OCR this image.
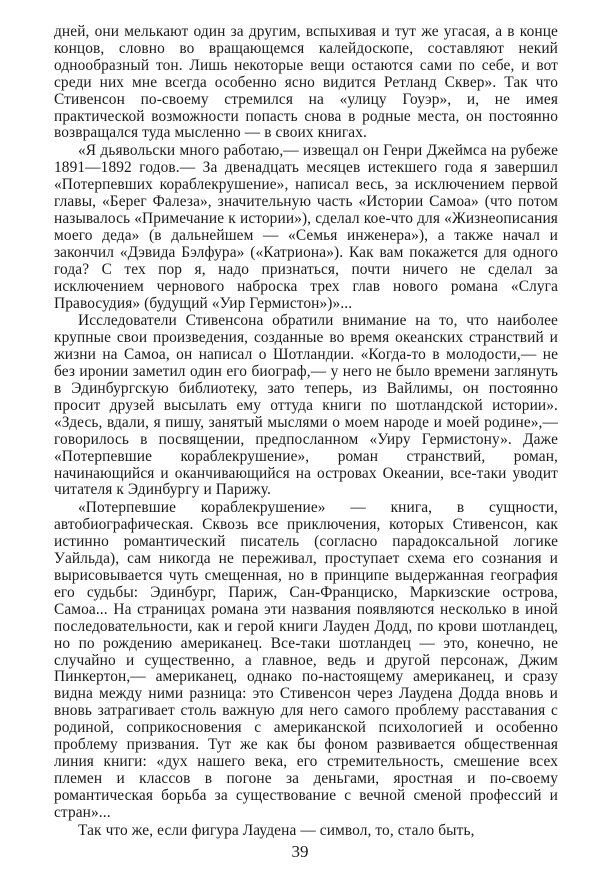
дней, они мелькают один за другим, вспыхивая и тут же угасая, а в конце концов, словно во вращающемся калейдоскопе, составляют некий однообразный тон. Лишь некоторые вещи остаются сами по себе, и вот среди них мне всегда особенно ясно видится Ретланд Сквер». Так что Стивенсон по-своему стремился на «улицу Гоуэр», и, не имея практической возможности попасть снова в родные места, он постоянно возвращался туда мысленно — в своих книгах.

«Я дьявольски много работаю,— извещал он Генри Джеймса на рубеже 1891—1892 годов.— За двенадцать месяцев истекшего года я завершил «Потерпевших кораблекрушение», написал весь, за исключением первой главы, «Берег Фалеза», значительную часть «Истории Самоа» (что потом называлось «Примечание к истории»), сделал кое-что для «Жизнеописания моего деда» (в дальнейшем — «Семья инженера»), а также начал и закончил «Дэвида Бэлфура» («Катриона»). Как вам покажется для одного года? С тех пор я, надо признаться, почти ничего не сделал за исключением чернового наброска трех глав нового романа «Слуга Правосудия» (будущий «Уир Гермистон»)»...

Исследователи Стивенсона обратили внимание на то, что наиболее крупные свои произведения, созданные во время океанских странствий и жизни на Самоа, он написал о Шотландии. «Когда-то в молодости,— не без иронии заметил один его биограф,— у него не было времени заглянуть в Эдинбургскую библиотеку, зато теперь, из Вайлимы, он постоянно просит друзей высылать ему оттуда книги по шотландской истории». «Здесь, вдали, я пишу, занятый мыслями о моем народе и моей родине»,— говорилось в посвящении, предпосланном «Уиру Гермистону». Даже «Потерпевшие кораблекрушение», роман странствий, роман, начинающийся и оканчивающийся на островах Океании, все-таки уводит читателя к Эдинбургу и Парижу.

«Потерпевшие кораблекрушение» — книга, в сущности, автобиографическая. Сквозь все приключения, которых Стивенсон, как истинно романтический писатель (согласно парадоксальной логике Уайльда), сам никогда не переживал, проступает схема его сознания и вырисовывается чуть смещенная, но в принципе выдержанная география его судьбы: Эдинбург, Париж, Сан-Франциско, Маркизские острова, Самоа... На страницах романа эти названия появляются несколько в иной последовательности, как и герой книги Лауден Додд, по крови шотландец, но по рождению американец. Все-таки шотландец — это, конечно, не случайно и существенно, а главное, ведь и другой персонаж, Джим Пинкертон,— американец, однако по-настоящему американец, и сразу видна между ними разница: это Стивенсон через Лаудена Додда вновь и вновь затрагивает столь важную для него самого проблему расставания с родиной, соприкосновения с американской психологией и особенно проблему призвания. Тут же как бы фоном развивается общественная линия книги: «дух нашего века, его стремительность, смешение всех племен и классов в погоне за деньгами, яростная и по-своему романтическая борьба за существование с вечной сменой профессий и стран»...

Так что же, если фигура Лаудена — символ, то, стало быть,

39
